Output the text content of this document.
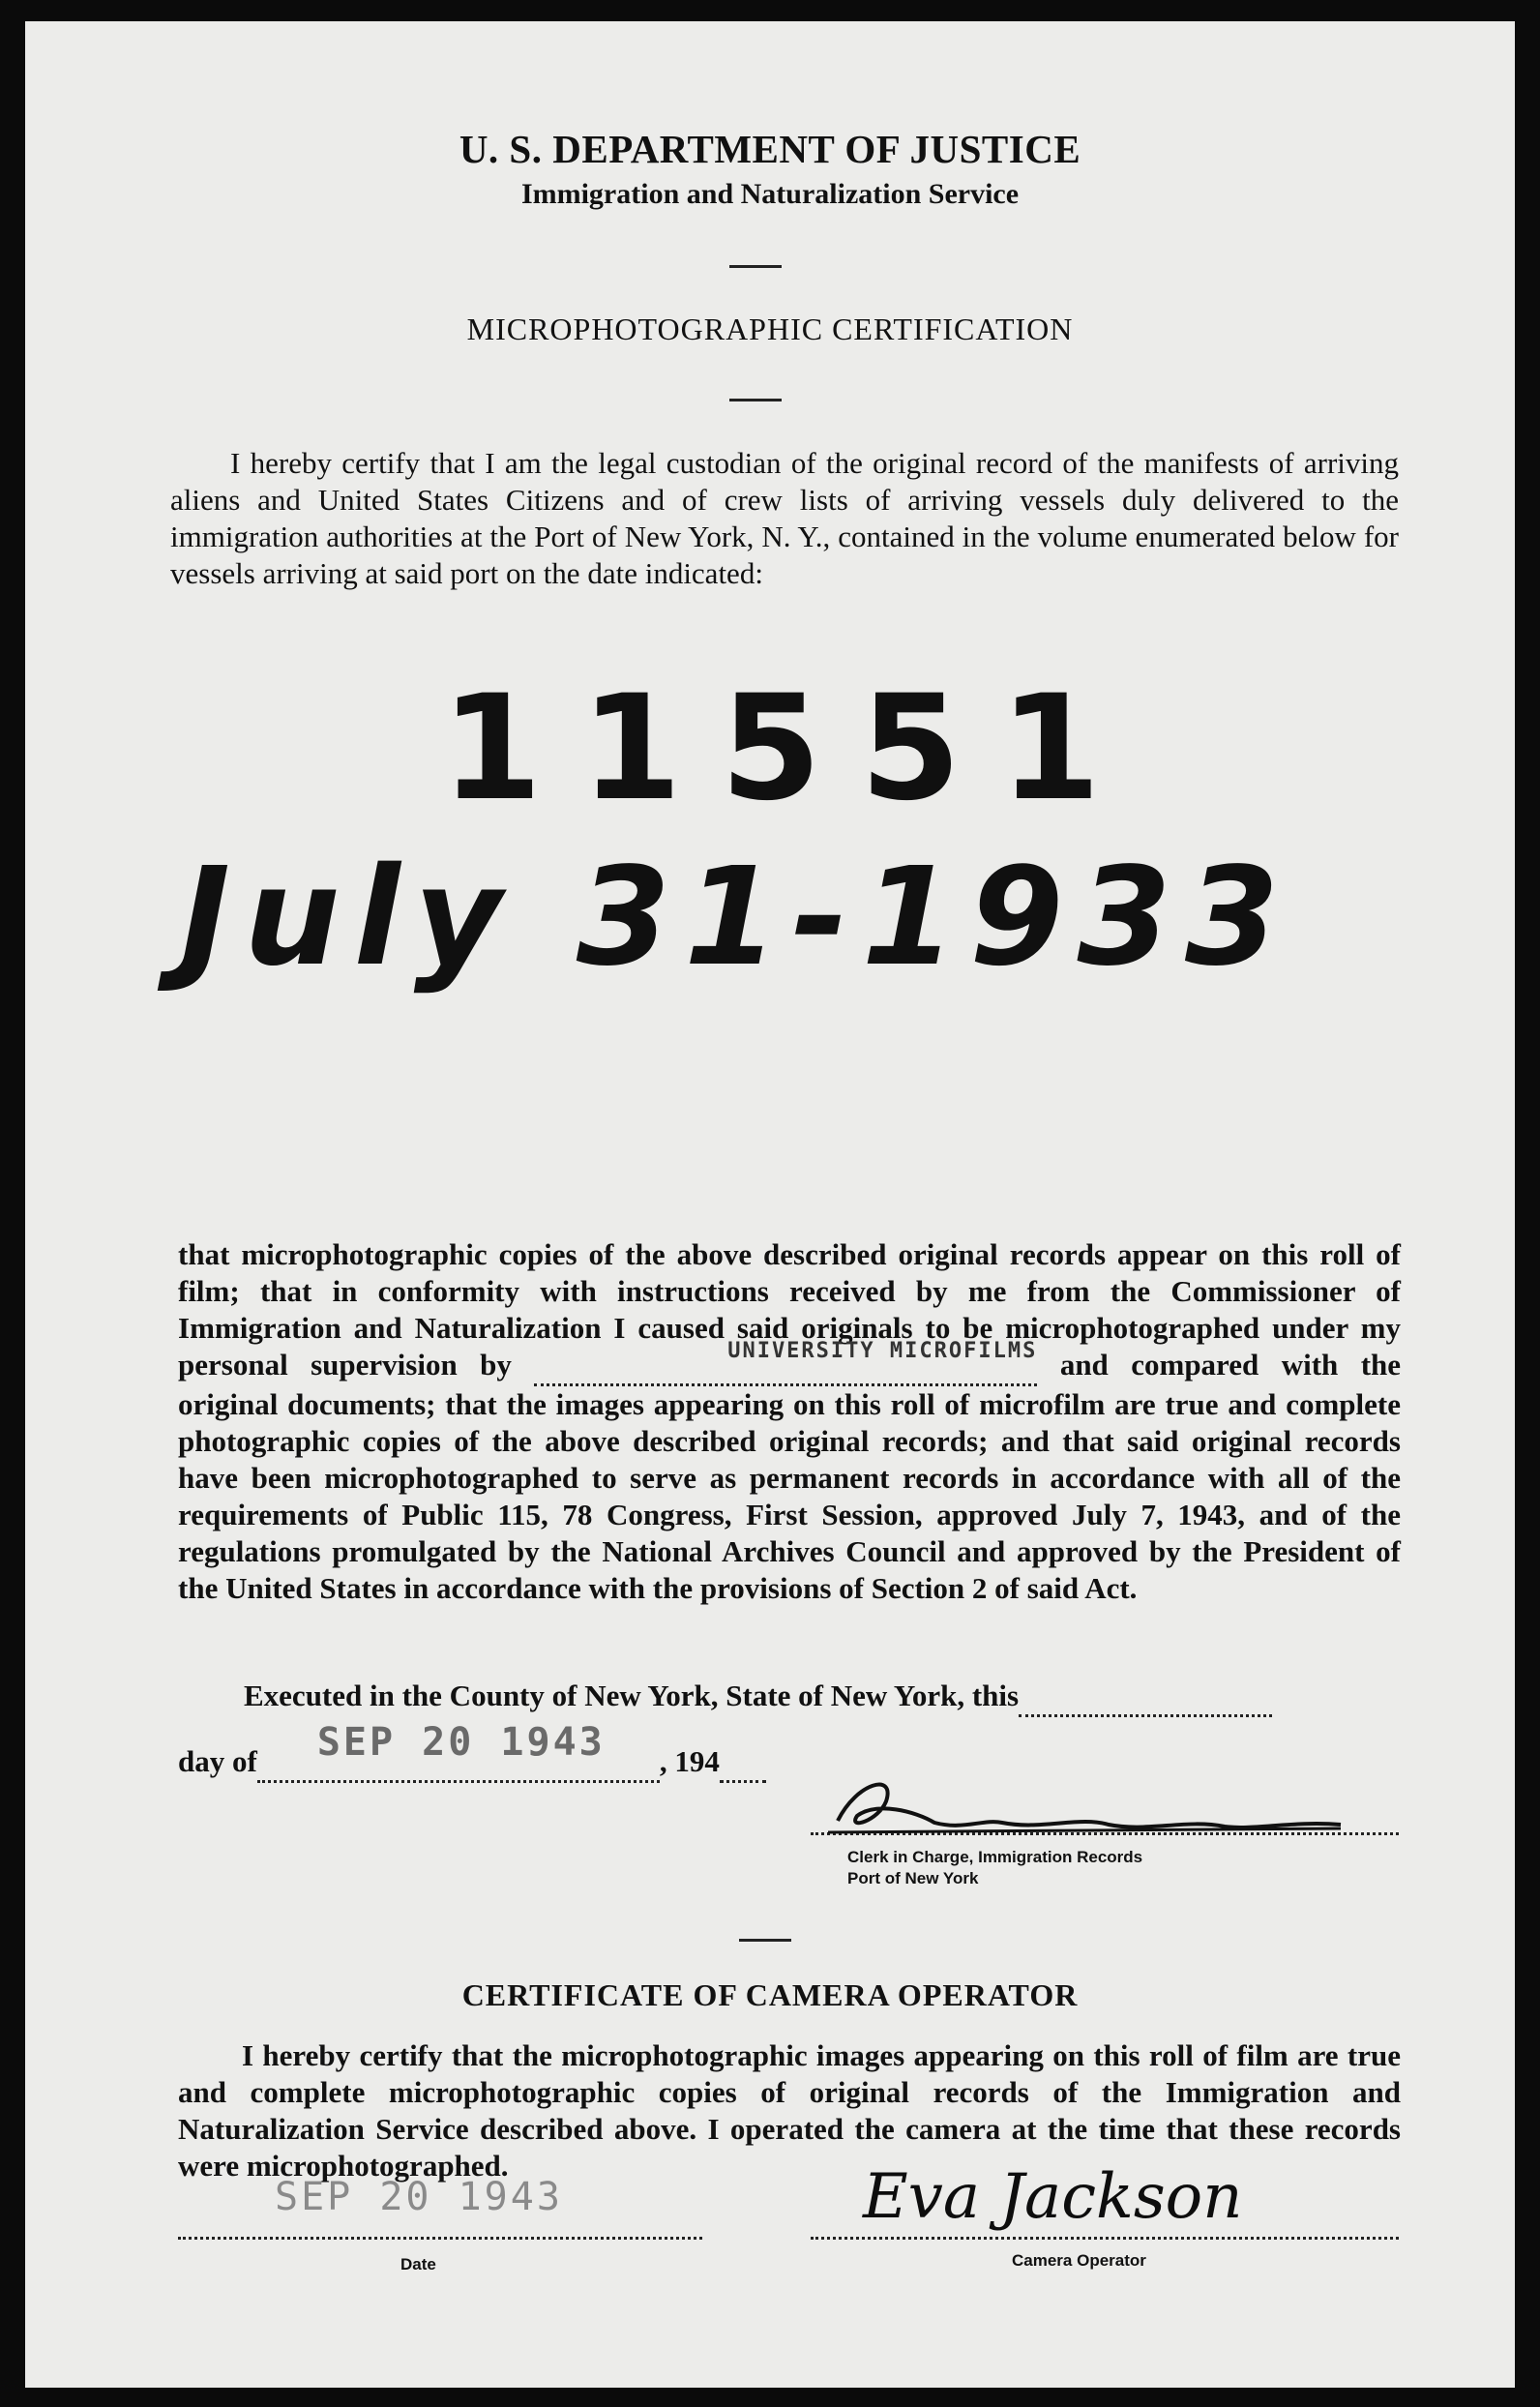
U. S. DEPARTMENT OF JUSTICE
Immigration and Naturalization Service
MICROPHOTOGRAPHIC CERTIFICATION
I hereby certify that I am the legal custodian of the original record of the manifests of arriving aliens and United States Citizens and of crew lists of arriving vessels duly delivered to the immigration authorities at the Port of New York, N. Y., contained in the volume enumerated below for vessels arriving at said port on the date indicated:
11551
July 31-1933
that microphotographic copies of the above described original records appear on this roll of film; that in conformity with instructions received by me from the Commissioner of Immigration and Naturalization I caused said originals to be microphotographed under my personal supervision by	UNIVERSITY MICROFILMS and compared with the original documents; that the images appearing on this roll of microfilm are true and complete photographic copies of the above described original records; and that said original records have been microphotographed to serve as permanent records in accordance with all of the requirements of Public 115, 78 Congress, First Session, approved July 7, 1943, and of the regulations promulgated by the National Archives Council and approved by the President of the United States in accordance with the provisions of Section 2 of said Act.
Executed in the County of New York, State of New York, this
day of SEP 20 1943 , 194
Clerk in Charge, Immigration Records
Port of New York
CERTIFICATE OF CAMERA OPERATOR
I hereby certify that the microphotographic images appearing on this roll of film are true and complete microphotographic copies of original records of the Immigration and Naturalization Service described above. I operated the camera at the time that these records were microphotographed.
SEP 20 1943
Date
Eva Jackson
Camera Operator
